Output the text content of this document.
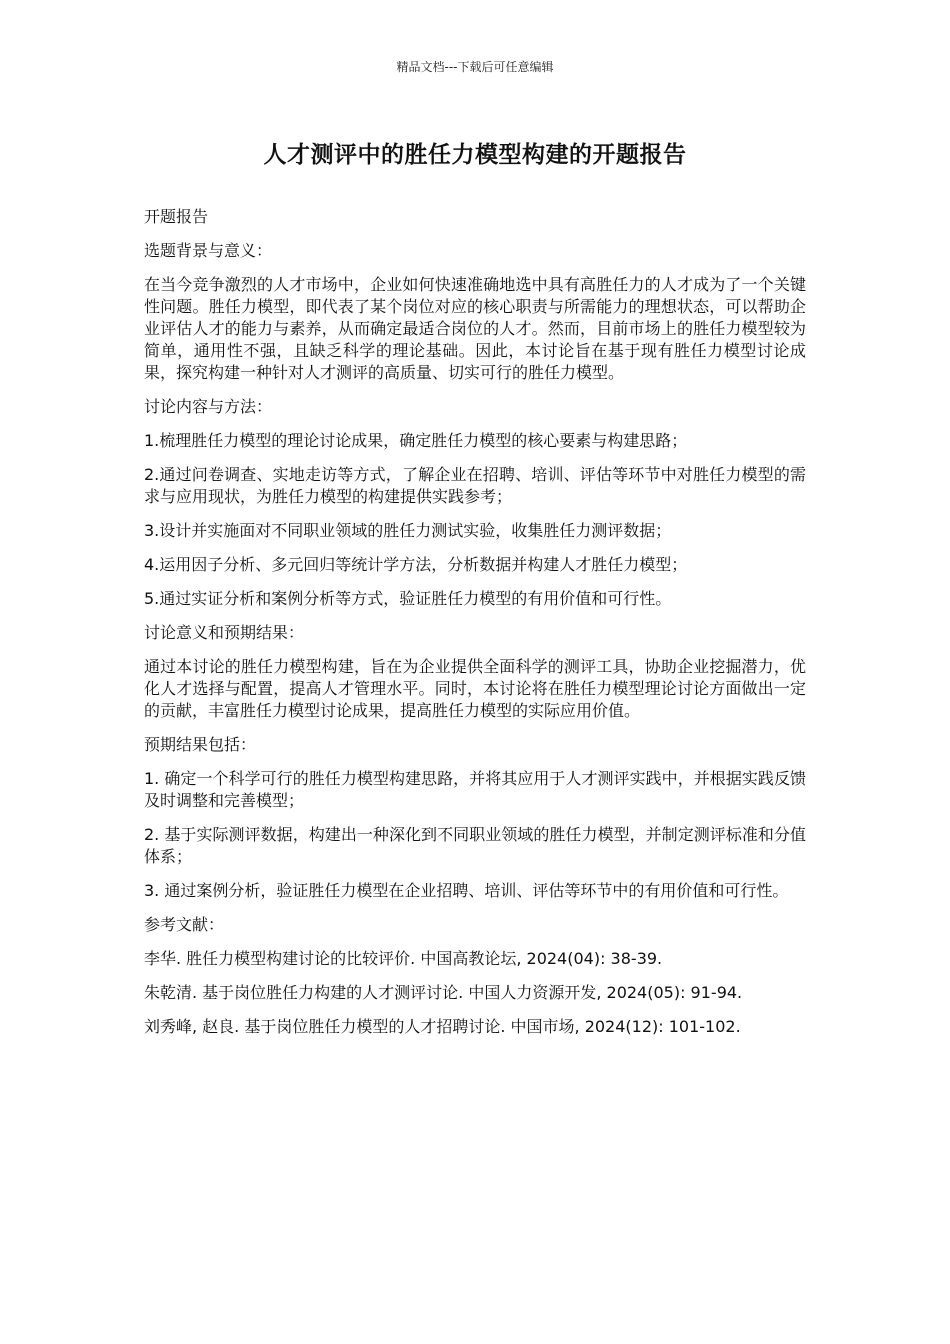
精品文档---下载后可任意编辑
人才测评中的胜任力模型构建的开题报告

开题报告

选题背景与意义：

在当今竞争激烈的人才市场中，企业如何快速准确地选中具有高胜任力的人才成为了一个关键性问题。胜任力模型，即代表了某个岗位对应的核心职责与所需能力的理想状态，可以帮助企业评估人才的能力与素养，从而确定最适合岗位的人才。然而，目前市场上的胜任力模型较为简单，通用性不强，且缺乏科学的理论基础。因此，本讨论旨在基于现有胜任力模型讨论成果，探究构建一种针对人才测评的高质量、切实可行的胜任力模型。

讨论内容与方法：

1.梳理胜任力模型的理论讨论成果，确定胜任力模型的核心要素与构建思路；

2.通过问卷调查、实地走访等方式，了解企业在招聘、培训、评估等环节中对胜任力模型的需求与应用现状，为胜任力模型的构建提供实践参考；

3.设计并实施面对不同职业领域的胜任力测试实验，收集胜任力测评数据；

4.运用因子分析、多元回归等统计学方法，分析数据并构建人才胜任力模型；

5.通过实证分析和案例分析等方式，验证胜任力模型的有用价值和可行性。

讨论意义和预期结果：

通过本讨论的胜任力模型构建，旨在为企业提供全面科学的测评工具，协助企业挖掘潜力，优化人才选择与配置，提高人才管理水平。同时，本讨论将在胜任力模型理论讨论方面做出一定的贡献，丰富胜任力模型讨论成果，提高胜任力模型的实际应用价值。

预期结果包括：

1. 确定一个科学可行的胜任力模型构建思路，并将其应用于人才测评实践中，并根据实践反馈及时调整和完善模型；

2. 基于实际测评数据，构建出一种深化到不同职业领域的胜任力模型，并制定测评标准和分值体系；

3. 通过案例分析，验证胜任力模型在企业招聘、培训、评估等环节中的有用价值和可行性。

参考文献：

李华. 胜任力模型构建讨论的比较评价. 中国高教论坛, 2024(04): 38-39.

朱乾清. 基于岗位胜任力构建的人才测评讨论. 中国人力资源开发, 2024(05): 91-94.

刘秀峰, 赵良. 基于岗位胜任力模型的人才招聘讨论. 中国市场, 2024(12): 101-102.
